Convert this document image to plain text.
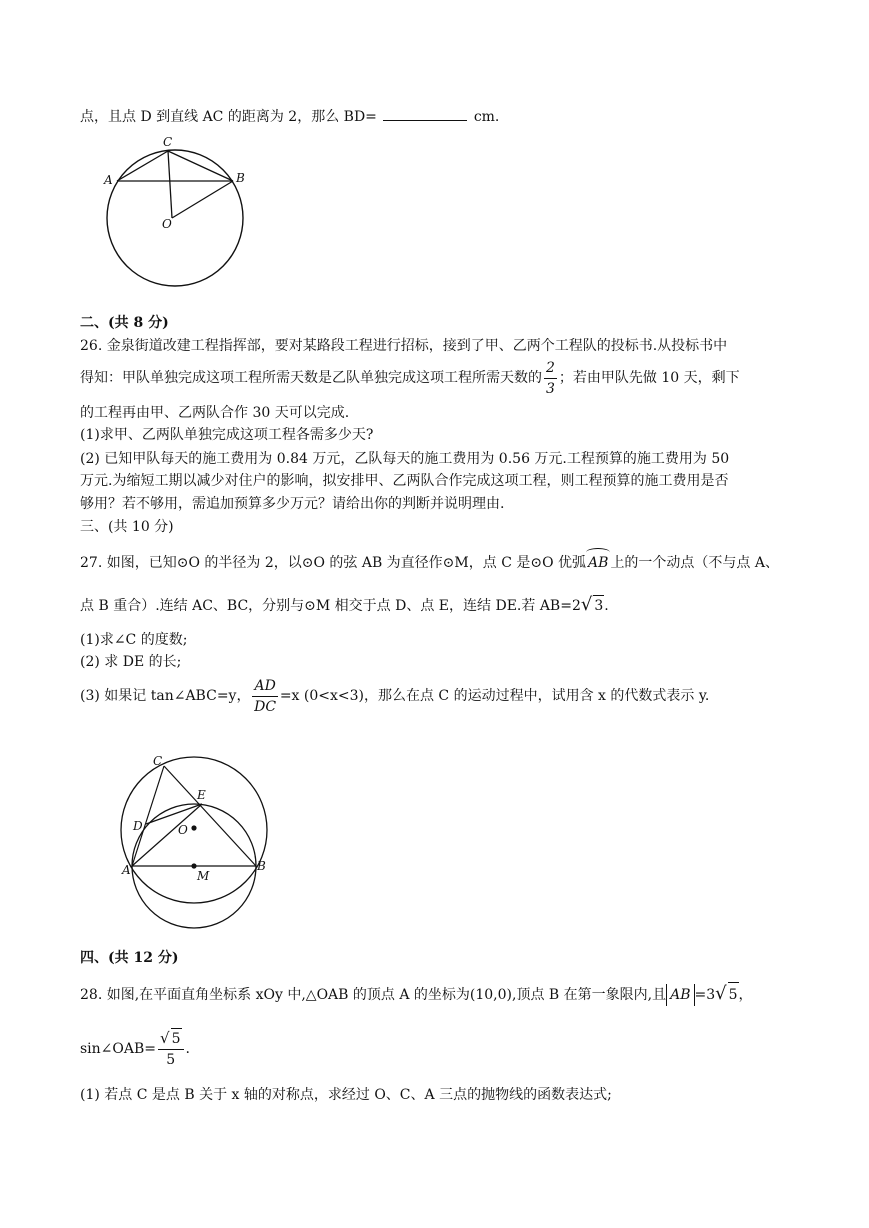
点，且点 D 到直线 AC 的距离为 2，那么 BD=	cm.
A	B
C
O
二、(共 8 分)
26. 金泉街道改建工程指挥部，要对某路段工程进行招标，接到了甲、乙两个工程队的投标书.从投标书中
得知：甲队单独完成这项工程所需天数是乙队单独完成这项工程所需天数的 $\frac{2}{3}$ ；若由甲队先做 10 天，剩下
的工程再由甲、乙两队合作 30 天可以完成.
(1)求甲、乙两队单独完成这项工程各需多少天?
(2) 已知甲队每天的施工费用为 0.84 万元，乙队每天的施工费用为 0.56 万元.工程预算的施工费用为 50
万元.为缩短工期以减少对住户的影响，拟安排甲、乙两队合作完成这项工程，则工程预算的施工费用是否
够用？若不够用，需追加预算多少万元？请给出你的判断并说明理由.
三、(共 10 分)
27. 如图，已知⊙O 的半径为 2，以⊙O 的弦 AB 为直径作⊙M，点 C 是⊙O 优弧 AB 上的一个动点（不与点 A、
点 B 重合）.连结 AC、BC，分别与⊙M 相交于点 D、点 E，连结 DE.若 AB=2√ 3.
(1)求∠C 的度数;
(2) 求 DE 的长;
(3) 如果记 tan∠ABC=y， $\frac{AD}{DC} =x$ (0<x<3)，那么在点 C 的运动过程中，试用含 x 的代数式表示 y.
A	B
C
D
E
O
M
四、(共 12 分)
28. 如图,在平面直角坐标系 xOy 中,△OAB 的顶点 A 的坐标为(10,0),顶点 B 在第一象限内,且 AB =3√ 5，
sin∠OAB= $\frac{√ 5}{5}$ .
(1) 若点 C 是点 B 关于 x 轴的对称点，求经过 O、C、A 三点的抛物线的函数表达式;
